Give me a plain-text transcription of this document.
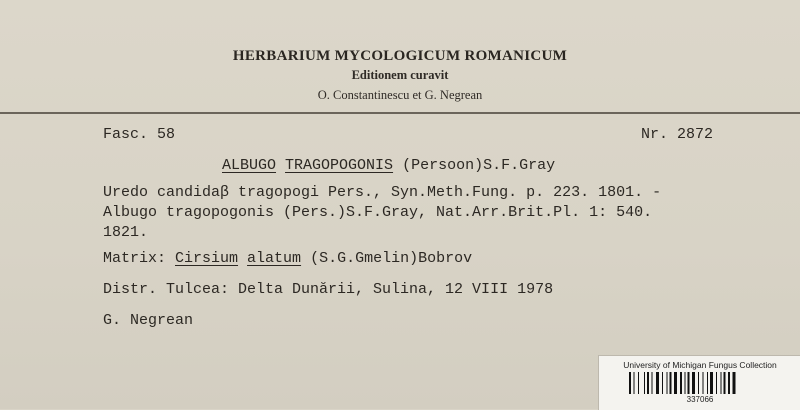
HERBARIUM MYCOLOGICUM ROMANICUM
Editionem curavit
O. Constantinescu et G. Negrean
Fasc. 58	Nr. 2872
ALBUGO TRAGOPOGONIS (Persoon)S.F.Gray
Uredo candidaβ tragopogi Pers., Syn.Meth.Fung. p. 223. 1801. -
Albugo tragopogonis (Pers.)S.F.Gray, Nat.Arr.Brit.Pl. 1: 540.
1821.
Matrix: Cirsium alatum (S.G.Gmelin)Bobrov
Distr. Tulcea: Delta Dunării, Sulina, 12 VIII 1978
G. Negrean
University of Michigan Fungus Collection
337066
